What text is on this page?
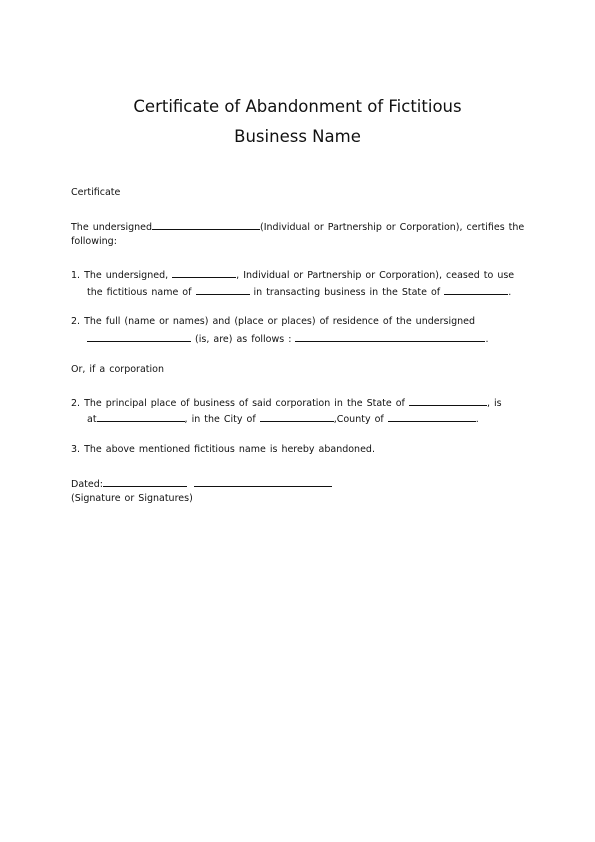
Certificate of Abandonment of Fictitious
Business Name
Certificate
The undersigned	(Individual or Partnership or Corporation), certifies the
following:
1. The undersigned,	, Individual or Partnership or Corporation), ceased to use
the fictitious name of	in transacting business in the State of	.
2. The full (name or names) and (place or places) of residence of the undersigned
(is, are) as follows :	.
Or, if a corporation
2. The principal place of business of said corporation in the State of	, is
at	, in the City of	,County of	.
3. The above mentioned fictitious name is hereby abandoned.
Dated:
(Signature or Signatures)
